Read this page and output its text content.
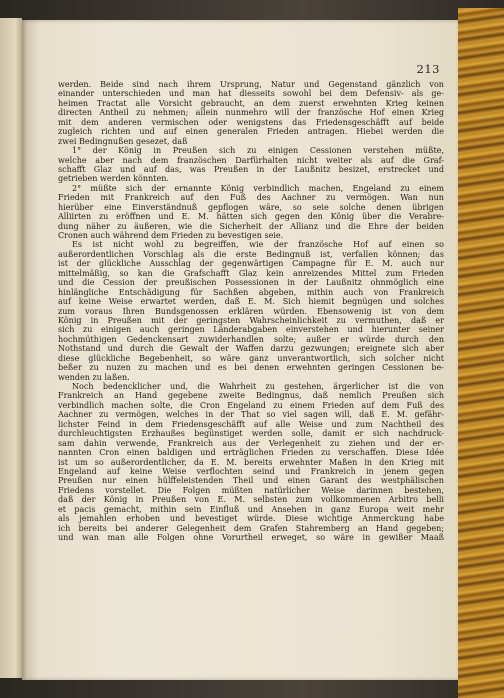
213
werden. Beide sind nach ihrem Ursprung, Natur und Gegenstand gänzlich von
einander unterschieden und man hat diesseits sowohl bei dem Defensiv- als ge-
heimen Tractat alle Vorsicht gebraucht, an dem zuerst erwehnten Krieg keinen
directen Antheil zu nehmen; allein nunmehro will der französche Hof einen Krieg
mit dem anderen vermischen oder wenigstens das Friedensgeschäfft auf beide
zugleich richten und auf einen generalen Frieden antragen. Hiebei werden die
zwei Bedingnußen gesezet, daß
1° der König in Preußen sich zu einigen Cessionen verstehen müßte,
welche aber nach dem französchen Darfürhalten nicht weiter als auf die Graf-
schafft Glaz und auf das, was Preußen in der Laußnitz besizet, erstrecket und
getrieben werden könnten.
2° müßte sich der ernannte König verbindlich machen, Engeland zu einem
Frieden mit Frankreich auf den Fuß des Aachner zu vermögen. Wan nun
hierüber eine Einverständnuß gepflogen wäre, so seie solche denen übrigen
Alliirten zu eröffnen und E. M. hätten sich gegen den König über die Verabre-
dung näher zu äußeren, wie die Sicherheit der Allianz und die Ehre der beiden
Cronen auch während dem Frieden zu bevestigen seie.
Es ist nicht wohl zu begreiffen, wie der französche Hof auf einen so
außerordentlichen Vorschlag als die erste Bedingnuß ist, verfallen können; das
ist der glückliche Ausschlag der gegenwärtigen Campagne für E. M. auch nur
mittelmäßig, so kan die Grafschafft Glaz kein anreizendes Mittel zum Frieden
und die Cession der preußischen Possessionen in der Laußnitz ohnmöglich eine
hinlängliche Entschädigung für Sachßen abgeben, mithin auch von Frankreich
auf keine Weise erwartet werden, daß E. M. Sich hiemit begnügen und solches
zum voraus Ihren Bundsgenossen erklären würden. Ebensowenig ist von dem
König in Preußen mit der geringsten Wahrscheinlichkeit zu vermuthen, daß er
sich zu einigen auch geringen Länderabgaben einverstehen und hierunter seiner
hochmüthigen Gedenckensart zuwiderhandlen solte; außer er würde durch den
Nothstand und durch die Gewalt der Waffen darzu gezwungen; ereignete sich aber
diese glückliche Begebenheit, so wäre ganz unverantwortlich, sich solcher nicht
beßer zu nuzen zu machen und es bei denen erwehnten geringen Cessionen be-
wenden zu laßen.
Noch bedencklicher und, die Wahrheit zu gestehen, ärgerlicher ist die von
Frankreich an Hand gegebene zweite Bedingnus, daß nemlich Preußen sich
verbindlich machen solte, die Cron Engeland zu einem Frieden auf dem Fuß des
Aachner zu vermögen, welches in der That so viel sagen will, daß E. M. gefähr-
lichster Feind in dem Friedensgeschäfft auf alle Weise und zum Nachtheil des
durchleuchtigsten Erzhaußes begünstiget werden solle, damit er sich nachdruck-
sam dahin verwende, Frankreich aus der Verlegenheit zu ziehen und der er-
nannten Cron einen baldigen und erträglichen Frieden zu verschaffen. Diese Idée
ist um so außerordentlicher, da E. M. bereits erwehnter Maßen in den Krieg mit
Engeland auf keine Weise verflochten seind und Frankreich in jenem gegen
Preußen nur einen hülffeleistenden Theil und einen Garant des westphälischen
Friedens vorstellet. Die Folgen müßten natürlicher Weise darinnen bestehen,
daß der König in Preußen von E. M. selbsten zum vollkommenen Arbitro belli
et pacis gemacht, mithin sein Einfluß und Ansehen in ganz Europa weit mehr
als jemahlen erhoben und bevestiget würde. Diese wichtige Anmerckung habe
ich bereits bei anderer Gelegenheit dem Grafen Stahremberg an Hand gegeben;
und wan man alle Folgen ohne Vorurtheil erweget, so wäre in gewißer Maaß
